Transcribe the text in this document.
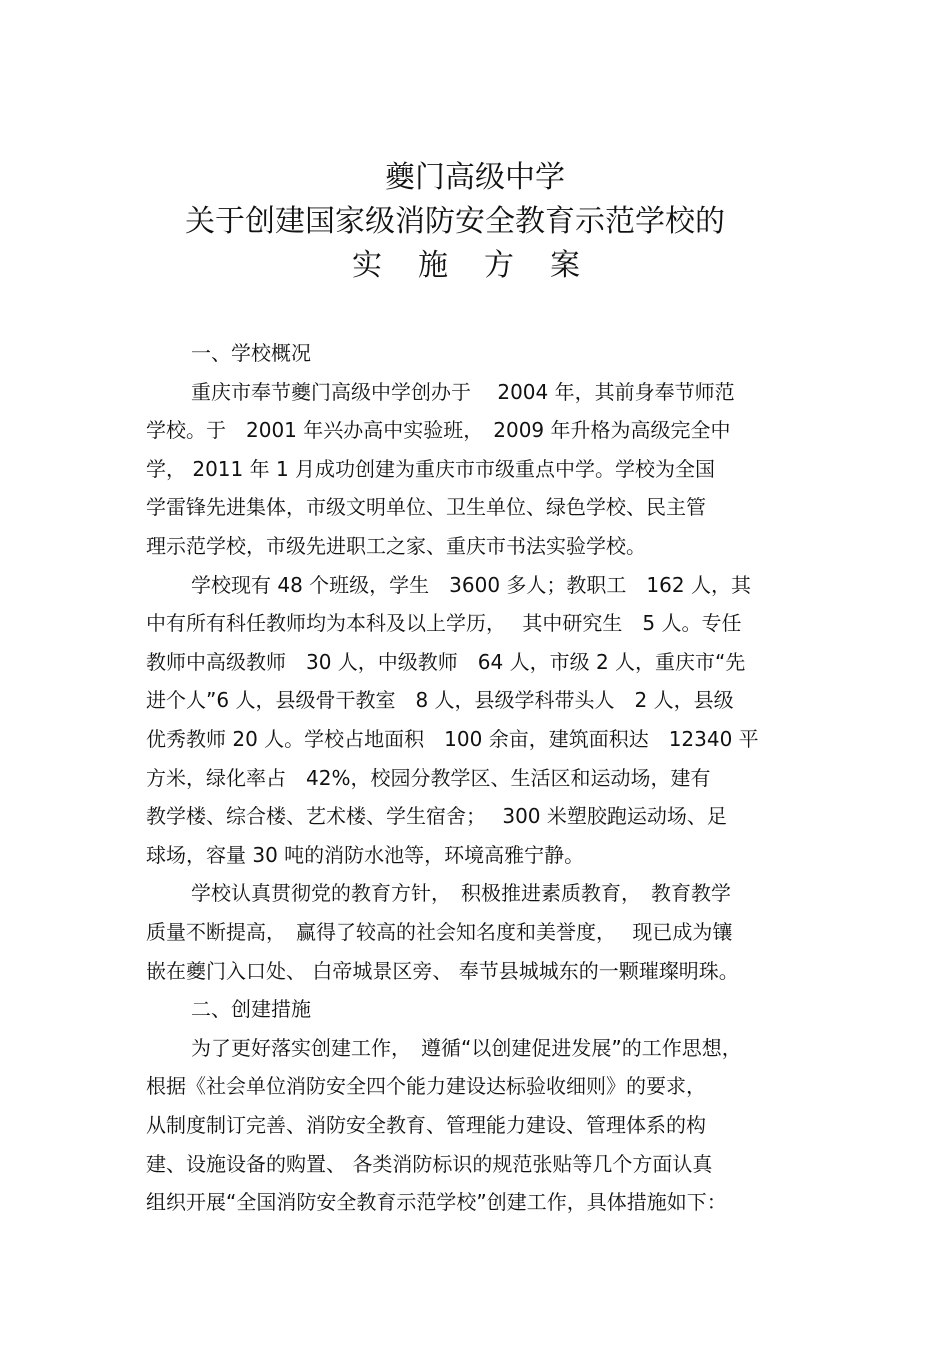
夔门高级中学
关于创建国家级消防安全教育示范学校的
实施方案
一、学校概况
重庆市奉节夔门高级中学创办于　 2004 年，其前身奉节师范
学校。于　2001 年兴办高中实验班，　2009 年升格为高级完全中
学， 2011 年 1 月成功创建为重庆市市级重点中学。学校为全国
学雷锋先进集体，市级文明单位、卫生单位、绿色学校、民主管
理示范学校，市级先进职工之家、重庆市书法实验学校。
学校现有 48 个班级，学生　3600 多人；教职工　162 人，其
中有所有科任教师均为本科及以上学历，　 其中研究生　5 人。专任
教师中高级教师　30 人，中级教师　64 人，市级 2 人，重庆市“先
进个人”6 人，县级骨干教室　8 人，县级学科带头人　2 人，县级
优秀教师 20 人。学校占地面积　100 余亩，建筑面积达　12340 平
方米，绿化率占　42%，校园分教学区、生活区和运动场，建有
教学楼、综合楼、艺术楼、学生宿舍；　 300 米塑胶跑运动场、足
球场，容量 30 吨的消防水池等，环境高雅宁静。
学校认真贯彻党的教育方针，　积极推进素质教育，　教育教学
质量不断提高，　赢得了较高的社会知名度和美誉度，　 现已成为镶
嵌在夔门入口处、 白帝城景区旁、 奉节县城城东的一颗璀璨明珠。
二、创建措施
为了更好落实创建工作，　遵循“以创建促进发展”的工作思想，
根据《社会单位消防安全四个能力建设达标验收细则》的要求，
从制度制订完善、消防安全教育、管理能力建设、管理体系的构
建、设施设备的购置、 各类消防标识的规范张贴等几个方面认真
组织开展“全国消防安全教育示范学校”创建工作，具体措施如下：
